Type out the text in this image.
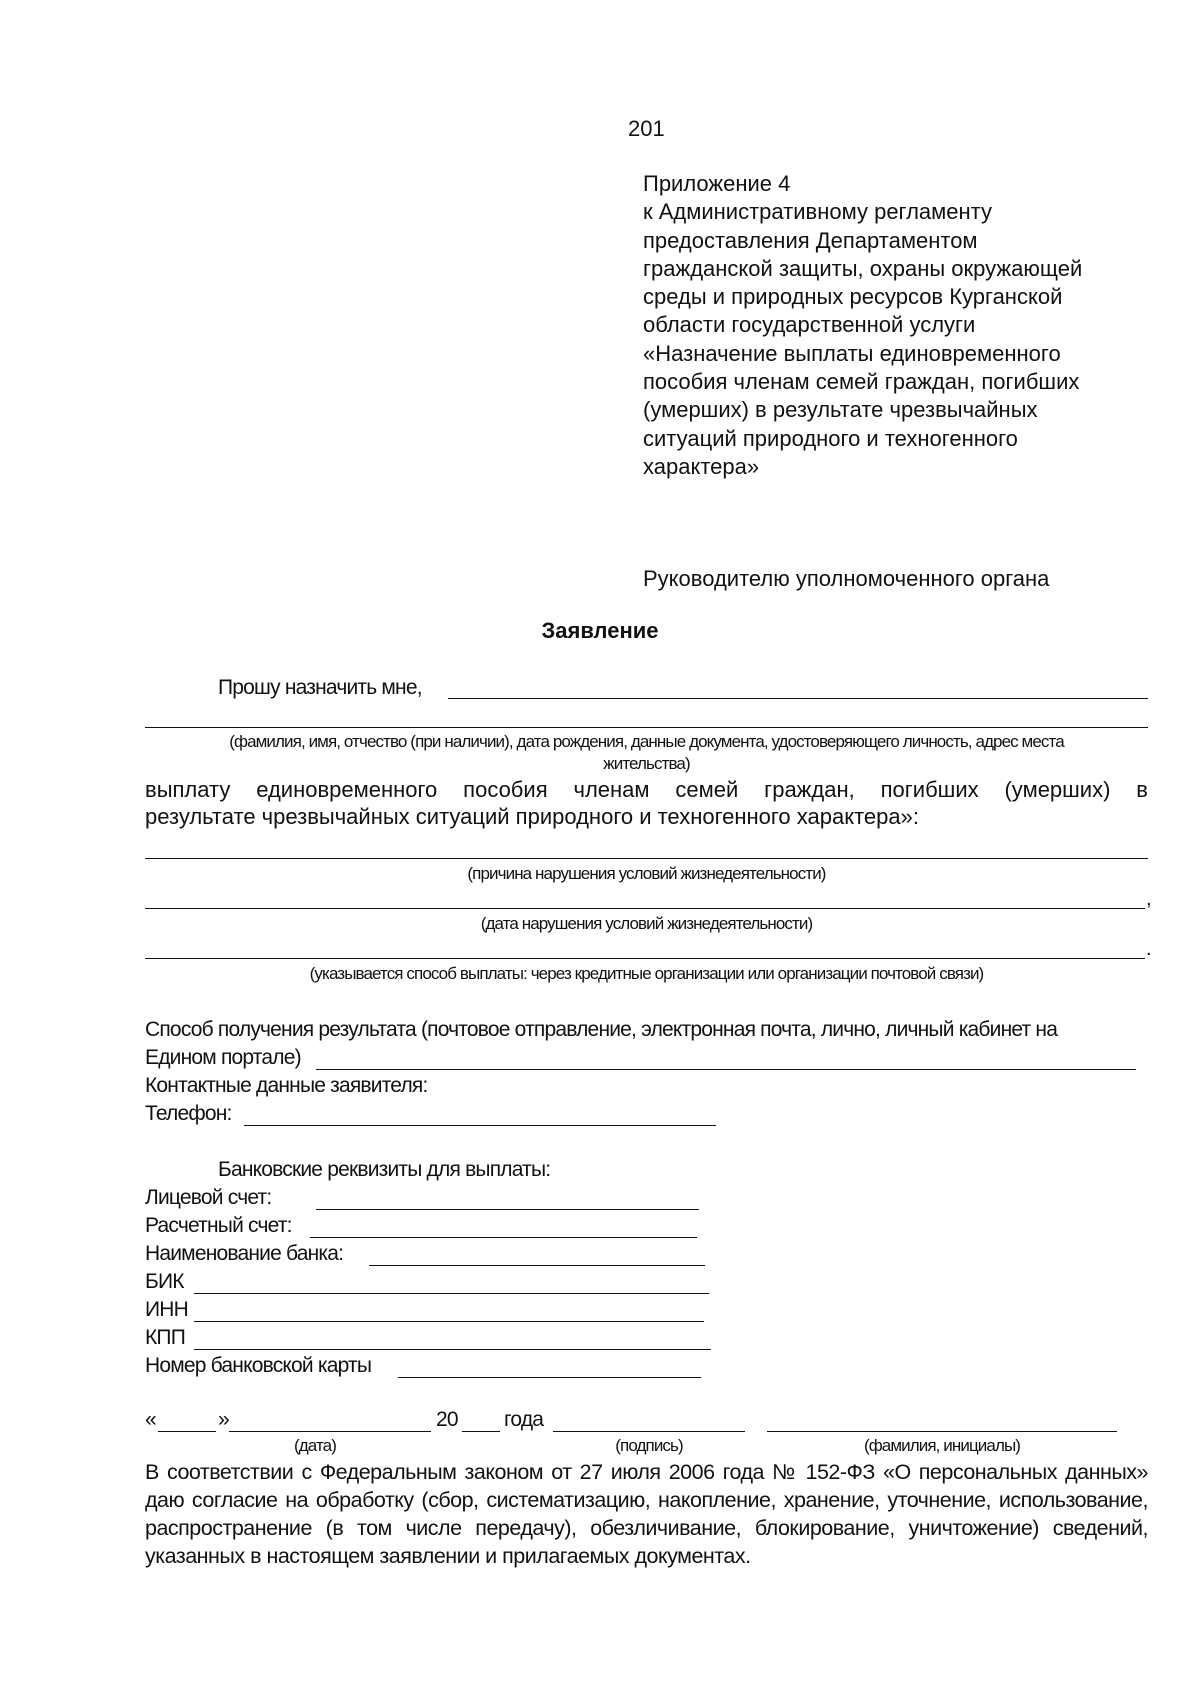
201
Приложение 4
к Административному регламенту
предоставления Департаментом
гражданской защиты, охраны окружающей
среды и природных ресурсов Курганской
области государственной услуги
«Назначение выплаты единовременного
пособия членам семей граждан, погибших
(умерших) в результате чрезвычайных
ситуаций природного и техногенного
характера»
Руководителю уполномоченного органа
Заявление
Прошу назначить мне,
(фамилия, имя, отчество (при наличии), дата рождения, данные документа, удостоверяющего личность, адрес места
жительства)
выплату единовременного пособия членам семей граждан, погибших (умерших) в
результате чрезвычайных ситуаций природного и техногенного характера»:
(причина нарушения условий жизнедеятельности)
,
(дата нарушения условий жизнедеятельности)
.
(указывается способ выплаты: через кредитные организации или организации почтовой связи)
Способ получения результата (почтовое отправление, электронная почта, лично, личный кабинет на
Едином портале)
Контактные данные заявителя:
Телефон:
Банковские реквизиты для выплаты:
Лицевой счет:
Расчетный счет:
Наименование банка:
БИК
ИНН
КПП
Номер банковской карты
«	»	20 года
(дата)	(подпись)	(фамилия, инициалы)
В соответствии с Федеральным законом от 27 июля 2006 года № 152-ФЗ «О персональных данных» даю согласие на обработку (сбор, систематизацию, накопление, хранение, уточнение, использование, распространение (в том числе передачу), обезличивание, блокирование, уничтожение) сведений, указанных в настоящем заявлении и прилагаемых документах.
